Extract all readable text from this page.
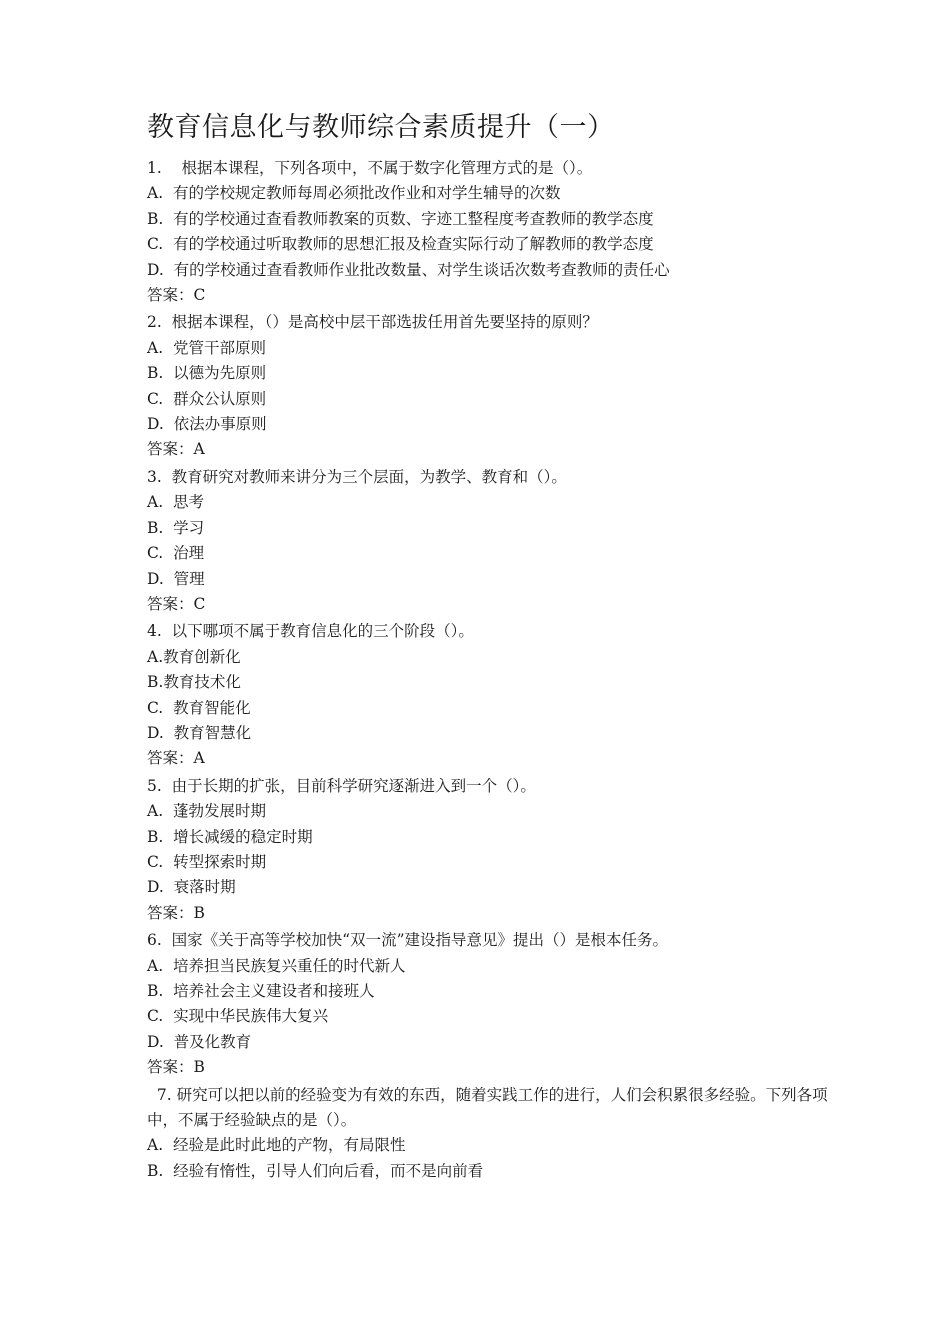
教育信息化与教师综合素质提升（一）
1.    根据本课程，下列各项中，不属于数字化管理方式的是（）。
A.  有的学校规定教师每周必须批改作业和对学生辅导的次数
B.  有的学校通过查看教师教案的页数、字迹工整程度考查教师的教学态度
C.  有的学校通过听取教师的思想汇报及检查实际行动了解教师的教学态度
D.  有的学校通过查看教师作业批改数量、对学生谈话次数考查教师的责任心
答案：C
2.  根据本课程，（）是高校中层干部选拔任用首先要坚持的原则？
A.  党管干部原则
B.  以德为先原则
C.  群众公认原则
D.  依法办事原则
答案：A
3.  教育研究对教师来讲分为三个层面，为教学、教育和（）。
A.  思考
B.  学习
C.  治理
D.  管理
答案：C
4.  以下哪项不属于教育信息化的三个阶段（）。
A.教育创新化
B.教育技术化
C.  教育智能化
D.  教育智慧化
答案：A
5.  由于长期的扩张，目前科学研究逐渐进入到一个（）。
A.  蓬勃发展时期
B.  增长减缓的稳定时期
C.  转型探索时期
D.  衰落时期
答案：B
6.  国家《关于高等学校加快“双一流”建设指导意见》提出（）是根本任务。
A.  培养担当民族复兴重任的时代新人
B.  培养社会主义建设者和接班人
C.  实现中华民族伟大复兴
D.  普及化教育
答案：B
7. 研究可以把以前的经验变为有效的东西，随着实践工作的进行，人们会积累很多经验。下列各项中，不属于经验缺点的是（）。
A.  经验是此时此地的产物，有局限性
B.  经验有惰性，引导人们向后看，而不是向前看
